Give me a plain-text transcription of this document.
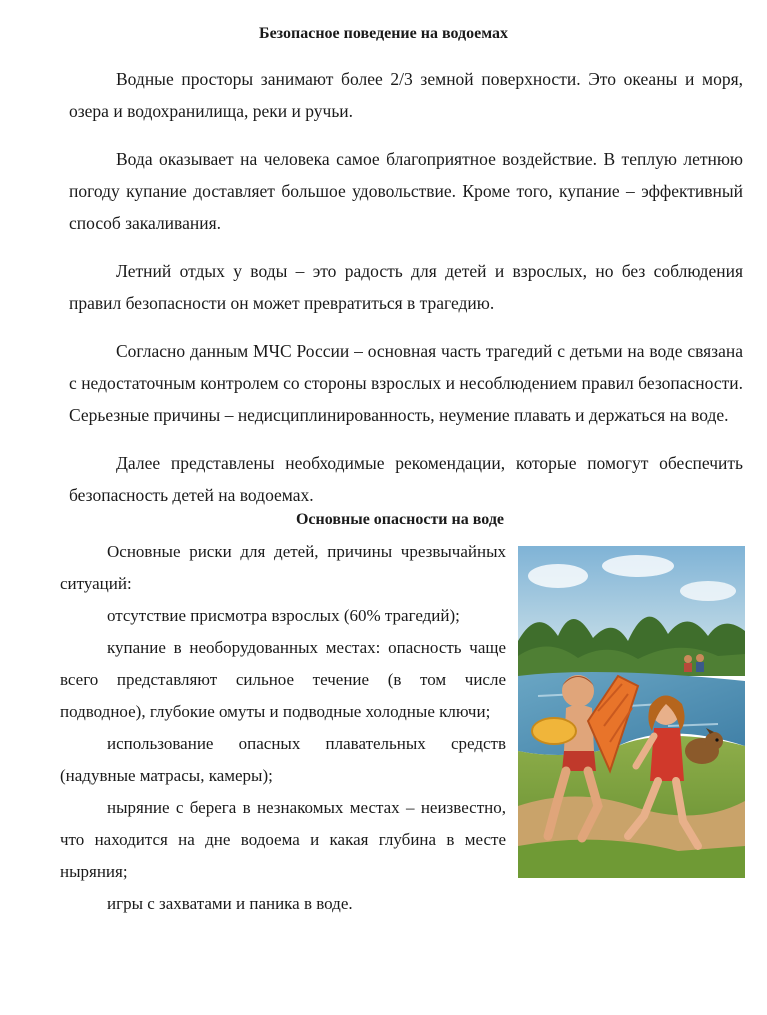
Безопасное поведение на водоемах

Водные просторы занимают более 2/3 земной поверхности. Это океаны и моря, озера и водохранилища, реки и ручьи.

Вода оказывает на человека самое благоприятное воздействие. В теплую летнюю погоду купание доставляет большое удовольствие. Кроме того, купание – эффективный способ закаливания.

Летний отдых у воды – это радость для детей и взрослых, но без соблюдения правил безопасности он может превратиться в трагедию.

Согласно данным МЧС России – основная часть трагедий с детьми на воде связана с недостаточным контролем со стороны взрослых и несоблюдением правил безопасности. Серьезные причины – недисциплинированность, неумение плавать и держаться на воде.

Далее представлены необходимые рекомендации, которые помогут обеспечить безопасность детей на водоемах.

Основные опасности на воде

Основные риски для детей, причины чрезвычайных ситуаций:

отсутствие присмотра взрослых (60% трагедий);

купание в необорудованных местах: опасность чаще всего представляют сильное течение (в том числе подводное), глубокие омуты и подводные холодные ключи;

использование опасных плавательных средств (надувные матрасы, камеры);

ныряние с берега в незнакомых местах – неизвестно, что находится на дне водоема и какая глубина в месте ныряния;

игры с захватами и паника в воде.
